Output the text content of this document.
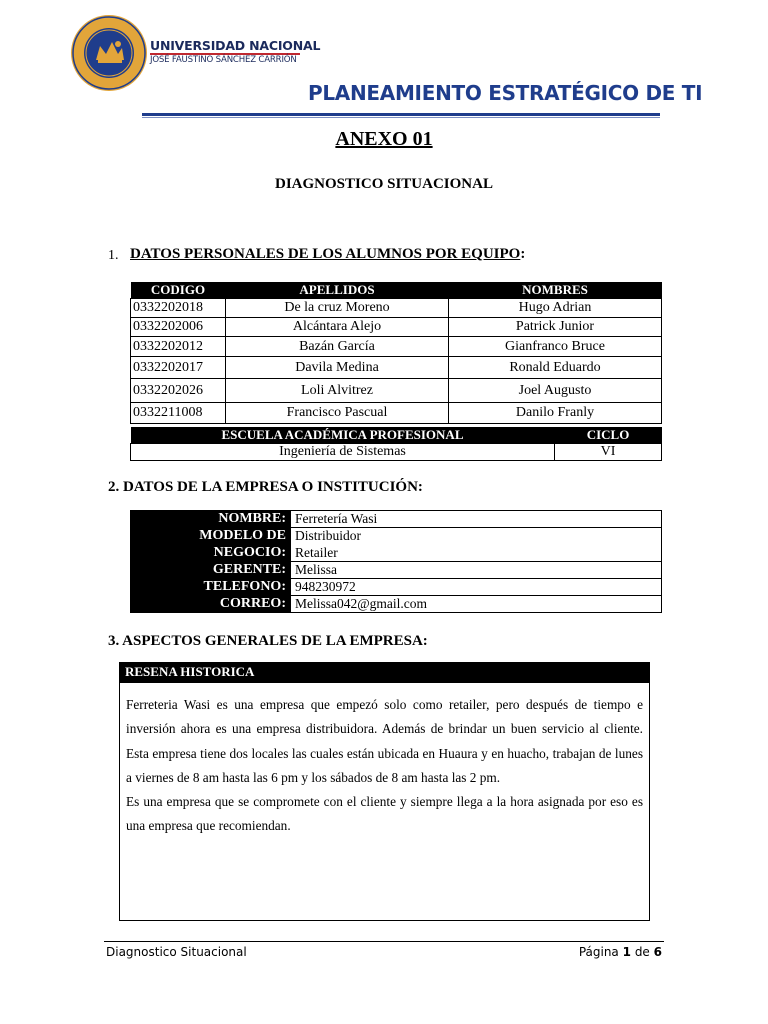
UNIVERSIDAD NACIONAL
JOSÉ FAUSTINO SÁNCHEZ CARRIÓN
PLANEAMIENTO ESTRATÉGICO DE TI
ANEXO 01
DIAGNOSTICO SITUACIONAL
1. DATOS PERSONALES DE LOS ALUMNOS POR EQUIPO:
CODIGO	APELLIDOS	NOMBRES
0332202018	De la cruz Moreno	Hugo Adrian
0332202006	Alcántara Alejo	Patrick Junior
0332202012	Bazán García	Gianfranco Bruce
0332202017	Davila Medina	Ronald Eduardo
0332202026	Loli Alvitrez	Joel Augusto
0332211008	Francisco Pascual	Danilo Franly
ESCUELA ACADÉMICA PROFESIONAL	CICLO
Ingeniería de Sistemas	VI
2. DATOS DE LA EMPRESA O INSTITUCIÓN:
NOMBRE:	Ferretería Wasi
MODELO DE	Distribuidor
NEGOCIO:	Retailer
GERENTE:	Melissa
TELEFONO:	948230972
CORREO:	Melissa042@gmail.com
3. ASPECTOS GENERALES DE LA EMPRESA:
RESENA HISTORICA

Ferreteria Wasi es una empresa que empezó solo como retailer, pero después de tiempo e inversión ahora es una empresa distribuidora. Además de brindar un buen servicio al cliente. Esta empresa tiene dos locales las cuales están ubicada en Huaura y en huacho, trabajan de lunes a viernes de 8 am hasta las 6 pm y los sábados de 8 am hasta las 2 pm.

Es una empresa que se compromete con el cliente y siempre llega a la hora asignada por eso es una empresa que recomiendan.

Diagnostico Situacional	Página 1 de 6
